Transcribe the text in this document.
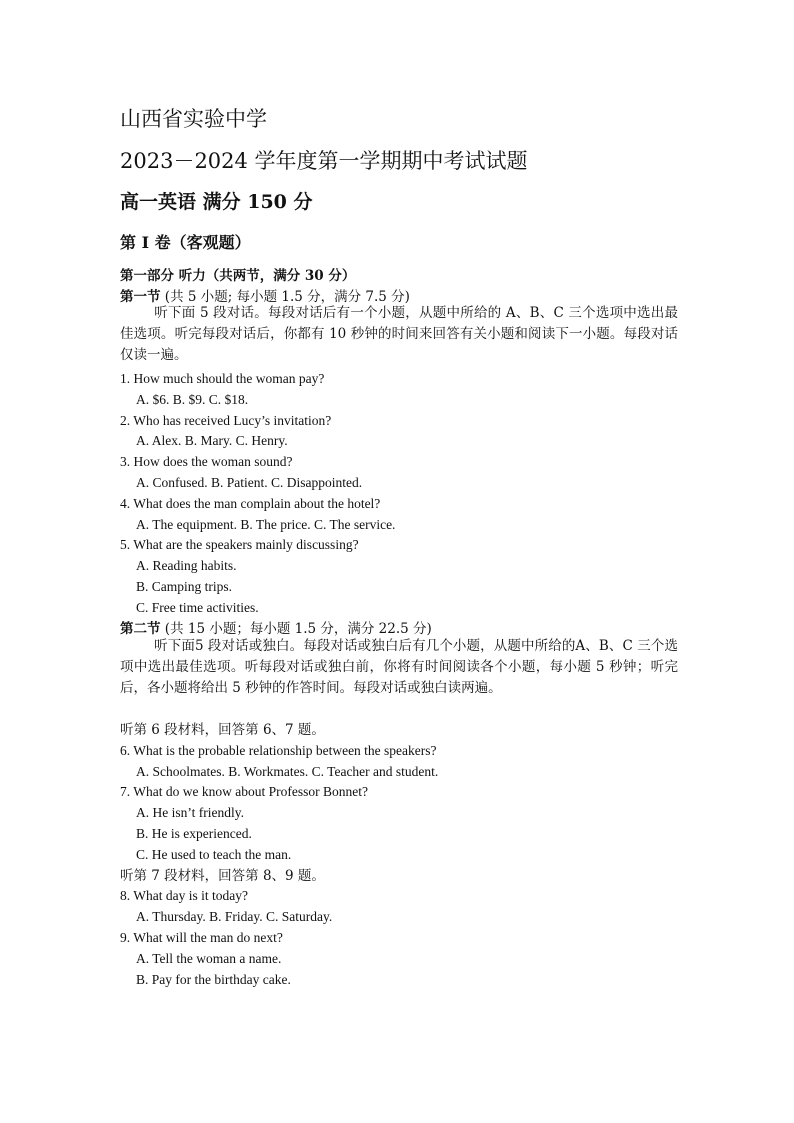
山西省实验中学
2023－2024 学年度第一学期期中考试试题
高一英语 满分 150 分
第 I 卷（客观题）
第一部分 听力（共两节，满分 30 分）
第一节 (共 5 小题; 每小题 1.5 分，满分 7.5 分)
听下面 5 段对话。每段对话后有一个小题，从题中所给的 A、B、C 三个选项中选出最佳选项。听完每段对话后，你都有 10 秒钟的时间来回答有关小题和阅读下一小题。每段对话仅读一遍。
1. How much should the woman pay?
A. $6. B. $9. C. $18.
2. Who has received Lucy’s invitation?
A. Alex. B. Mary. C. Henry.
3. How does the woman sound?
A. Confused. B. Patient. C. Disappointed.
4. What does the man complain about the hotel?
A. The equipment. B. The price. C. The service.
5. What are the speakers mainly discussing?
A. Reading habits.
B. Camping trips.
C. Free time activities.
第二节 (共 15 小题；每小题 1.5 分，满分 22.5 分)
听下面5 段对话或独白。每段对话或独白后有几个小题，从题中所给的A、B、C 三个选项中选出最佳选项。听每段对话或独白前，你将有时间阅读各个小题，每小题 5 秒钟；听完后，各小题将给出 5 秒钟的作答时间。每段对话或独白读两遍。
听第 6 段材料，回答第 6、7 题。
6. What is the probable relationship between the speakers?
A. Schoolmates. B. Workmates. C. Teacher and student.
7. What do we know about Professor Bonnet?
A. He isn’t friendly.
B. He is experienced.
C. He used to teach the man.
听第 7 段材料，回答第 8、9 题。
8. What day is it today?
A. Thursday. B. Friday. C. Saturday.
9. What will the man do next?
A. Tell the woman a name.
B. Pay for the birthday cake.
